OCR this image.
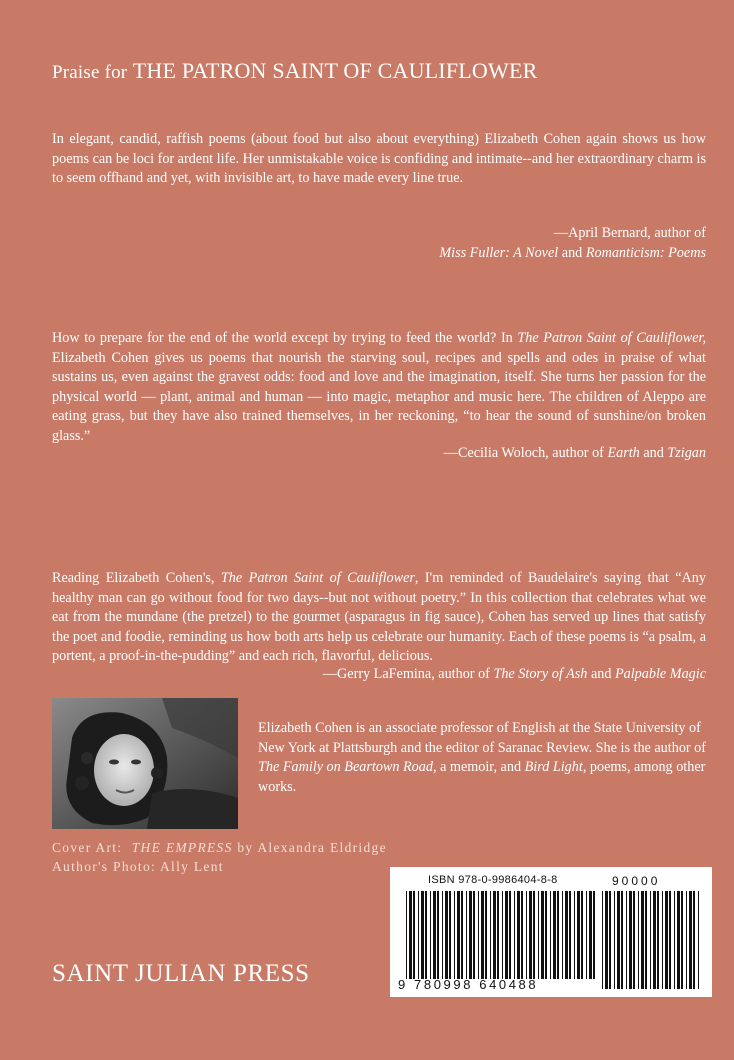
Praise for THE PATRON SAINT OF CAULIFLOWER

In elegant, candid, raffish poems (about food but also about everything) Elizabeth Cohen again shows us how poems can be loci for ardent life. Her unmistakable voice is confiding and intimate--and her extraordinary charm is to seem offhand and yet, with invisible art, to have made every line true.

—April Bernard, author of
Miss Fuller: A Novel and Romanticism: Poems

How to prepare for the end of the world except by trying to feed the world? In The Patron Saint of Cauliflower, Elizabeth Cohen gives us poems that nourish the starving soul, recipes and spells and odes in praise of what sustains us, even against the gravest odds: food and love and the imagination, itself. She turns her passion for the physical world — plant, animal and human — into magic, metaphor and music here. The children of Aleppo are eating grass, but they have also trained themselves, in her reckoning, “to hear the sound of sunshine/on broken glass.”

—Cecilia Woloch, author of Earth and Tzigan

Reading Elizabeth Cohen's, The Patron Saint of Cauliflower, I'm reminded of Baudelaire's saying that “Any healthy man can go without food for two days--but not without poetry.” In this collection that celebrates what we eat from the mundane (the pretzel) to the gourmet (asparagus in fig sauce), Cohen has served up lines that satisfy the poet and foodie, reminding us how both arts help us celebrate our humanity. Each of these poems is “a psalm, a portent, a proof-in-the-pudding” and each rich, flavorful, delicious.

—Gerry LaFemina, author of The Story of Ash and Palpable Magic

Elizabeth Cohen is an associate professor of English at the State University of New York at Plattsburgh and the editor of Saranac Review. She is the author of The Family on Beartown Road, a memoir, and Bird Light, poems, among other works.

Cover Art: THE EMPRESS by Alexandra Eldridge
Author's Photo: Ally Lent
SAINT JULIAN PRESS
ISBN 978-0-9986404-8-8	90000
9 780998 640488
